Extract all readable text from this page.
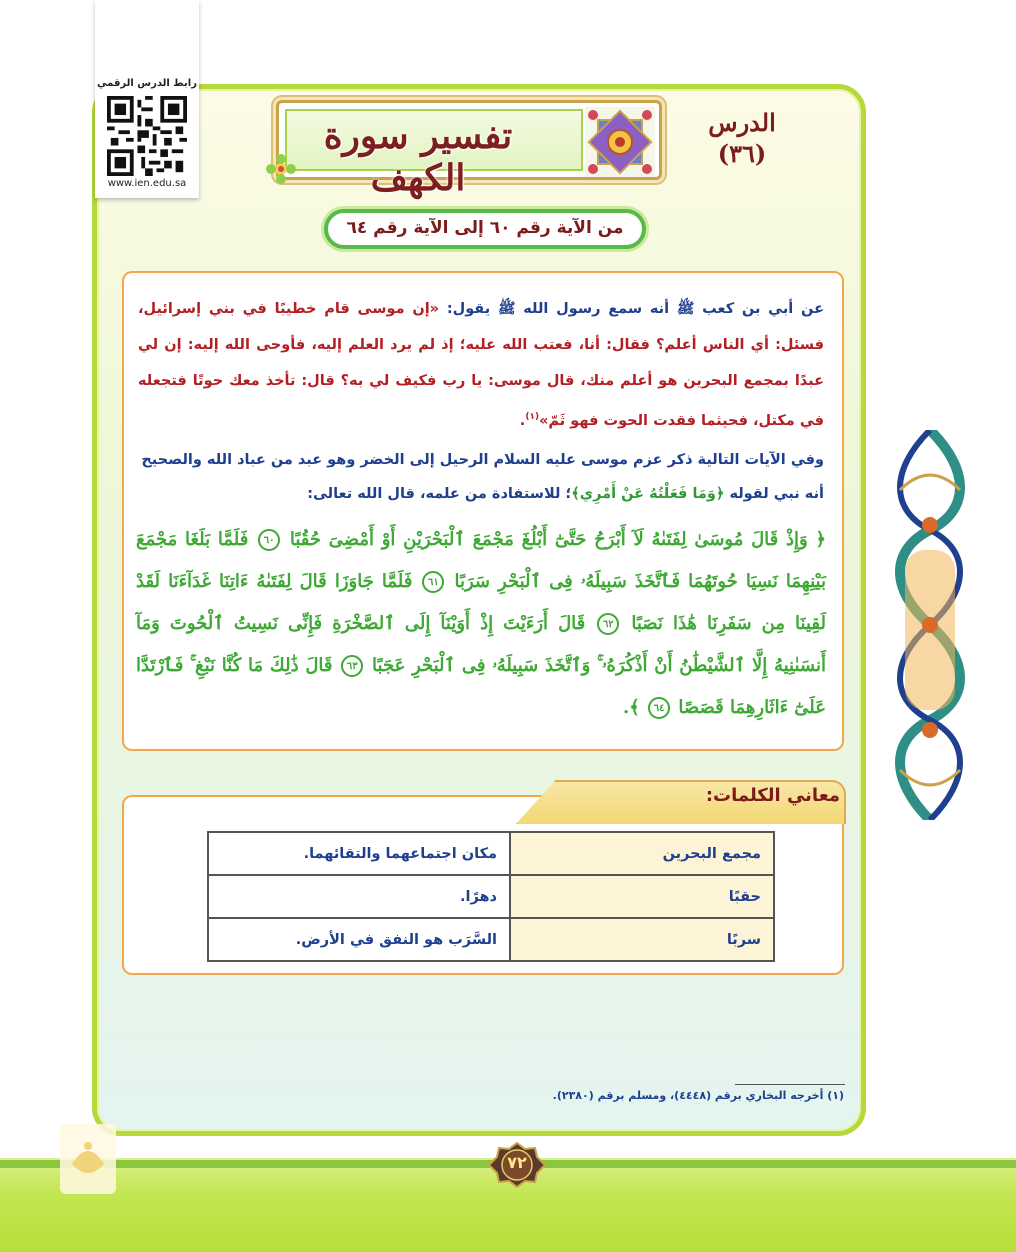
رابط الدرس الرقمي
www.ien.edu.sa
الدرس
(٣٦)
تفسير سورة الكهف
من الآية رقم ٦٠ إلى الآية رقم ٦٤
عن أبي بن كعب ﷺ أنه سمع رسول الله ﷺ يقول: «إن موسى قام خطيبًا في بني إسرائيل، فسئل: أي الناس أعلم؟ فقال: أنا، فعتب الله عليه؛ إذ لم يرد العلم إليه، فأوحى الله إليه: إن لي عبدًا بمجمع البحرين هو أعلم منك، قال موسى: يا رب فكيف لي به؟ قال: تأخذ معك حوتًا فتجعله في مكتل، فحيثما فقدت الحوت فهو ثَمّ»$^{(١)}$.
وفي الآيات التالية ذكر عزم موسى عليه السلام الرحيل إلى الخضر وهو عبد من عباد الله والصحيح أنه نبي لقوله ﴿وَمَا فَعَلْتُهُ عَنْ أَمْرِي﴾؛ للاستفادة من علمه، قال الله تعالى:
﴿ وَإِذْ قَالَ مُوسَىٰ لِفَتَىٰهُ لَآ أَبْرَحُ حَتَّىٰٓ أَبْلُغَ مَجْمَعَ ٱلْبَحْرَيْنِ أَوْ أَمْضِىَ حُقُبًا ٦٠ فَلَمَّا بَلَغَا مَجْمَعَ بَيْنِهِمَا نَسِيَا حُوتَهُمَا فَٱتَّخَذَ سَبِيلَهُۥ فِى ٱلْبَحْرِ سَرَبًا ٦١ فَلَمَّا جَاوَزَا قَالَ لِفَتَىٰهُ ءَاتِنَا غَدَآءَنَا لَقَدْ لَقِينَا مِن سَفَرِنَا هَٰذَا نَصَبًا ٦٢ قَالَ أَرَءَيْتَ إِذْ أَوَيْنَآ إِلَى ٱلصَّخْرَةِ فَإِنِّى نَسِيتُ ٱلْحُوتَ وَمَآ أَنسَىٰنِيهُ إِلَّا ٱلشَّيْطَٰنُ أَنْ أَذْكُرَهُۥ ۚ وَٱتَّخَذَ سَبِيلَهُۥ فِى ٱلْبَحْرِ عَجَبًا ٦٣ قَالَ ذَٰلِكَ مَا كُنَّا نَبْغِ ۚ فَٱرْتَدَّا عَلَىٰٓ ءَاثَارِهِمَا قَصَصًا ٦٤ ﴾.
معاني الكلمات:
مجمع البحرين	مكان اجتماعهما والتقائهما.
حقبًا	دهرًا.
سربًا	السَّرَب هو النفق في الأرض.
(١) أخرجه البخاري برقم (٤٤٤٨)، ومسلم برقم (٢٣٨٠).
٧٢
